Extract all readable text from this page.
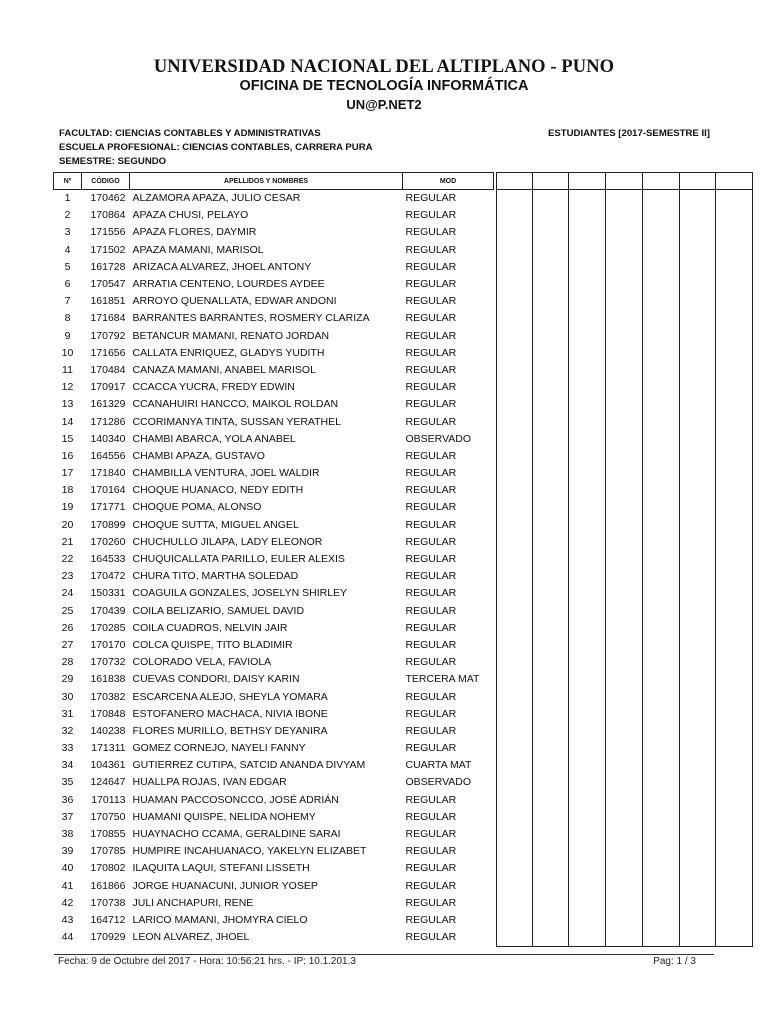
UNIVERSIDAD NACIONAL DEL ALTIPLANO - PUNO
OFICINA DE TECNOLOGÍA INFORMÁTICA
UN@P.NET2
FACULTAD: CIENCIAS CONTABLES Y ADMINISTRATIVAS
ESCUELA PROFESIONAL: CIENCIAS CONTABLES, CARRERA PURA
SEMESTRE: SEGUNDO
ESTUDIANTES [2017-SEMESTRE II]
Nº	CÓDIGO	APELLIDOS Y NOMBRES	MOD								
1	170462	ALZAMORA APAZA, JULIO CESAR	REGULAR								
2	170864	APAZA CHUSI, PELAYO	REGULAR								
3	171556	APAZA FLORES, DAYMIR	REGULAR								
4	171502	APAZA MAMANI, MARISOL	REGULAR								
5	161728	ARIZACA ALVAREZ, JHOEL ANTONY	REGULAR								
6	170547	ARRATIA CENTENO, LOURDES AYDEE	REGULAR								
7	161851	ARROYO QUENALLATA, EDWAR ANDONI	REGULAR								
8	171684	BARRANTES BARRANTES, ROSMERY CLARIZA	REGULAR								
9	170792	BETANCUR MAMANI, RENATO JORDAN	REGULAR								
10	171656	CALLATA ENRIQUEZ, GLADYS YUDITH	REGULAR								
11	170484	CANAZA MAMANI, ANABEL MARISOL	REGULAR								
12	170917	CCACCA YUCRA, FREDY EDWIN	REGULAR								
13	161329	CCANAHUIRI HANCCO, MAIKOL ROLDAN	REGULAR								
14	171286	CCORIMANYA TINTA, SUSSAN YERATHEL	REGULAR								
15	140340	CHAMBI ABARCA, YOLA ANABEL	OBSERVADO								
16	164556	CHAMBI APAZA, GUSTAVO	REGULAR								
17	171840	CHAMBILLA VENTURA, JOEL WALDIR	REGULAR								
18	170164	CHOQUE HUANACO, NEDY EDITH	REGULAR								
19	171771	CHOQUE POMA, ALONSO	REGULAR								
20	170899	CHOQUE SUTTA, MIGUEL ANGEL	REGULAR								
21	170260	CHUCHULLO JILAPA, LADY ELEONOR	REGULAR								
22	164533	CHUQUICALLATA PARILLO, EULER ALEXIS	REGULAR								
23	170472	CHURA TITO, MARTHA SOLEDAD	REGULAR								
24	150331	COAGUILA GONZALES, JOSELYN SHIRLEY	REGULAR								
25	170439	COILA BELIZARIO, SAMUEL DAVID	REGULAR								
26	170285	COILA CUADROS, NELVIN JAIR	REGULAR								
27	170170	COLCA QUISPE, TITO BLADIMIR	REGULAR								
28	170732	COLORADO VELA, FAVIOLA	REGULAR								
29	161838	CUEVAS CONDORI, DAISY KARIN	TERCERA MAT								
30	170382	ESCARCENA ALEJO, SHEYLA YOMARA	REGULAR								
31	170848	ESTOFANERO MACHACA, NIVIA IBONE	REGULAR								
32	140238	FLORES MURILLO, BETHSY DEYANIRA	REGULAR								
33	171311	GOMEZ CORNEJO, NAYELI FANNY	REGULAR								
34	104361	GUTIERREZ CUTIPA, SATCID ANANDA DIVYAM	CUARTA MAT								
35	124647	HUALLPA ROJAS, IVAN EDGAR	OBSERVADO								
36	170113	HUAMAN PACCOSONCCO, JOSÉ ADRIÁN	REGULAR								
37	170750	HUAMANI QUISPE, NELIDA NOHEMY	REGULAR								
38	170855	HUAYNACHO CCAMA, GERALDINE SARAI	REGULAR								
39	170785	HUMPIRE INCAHUANACO, YAKELYN ELIZABET	REGULAR								
40	170802	ILAQUITA LAQUI, STEFANI LISSETH	REGULAR								
41	161866	JORGE HUANACUNI, JUNIOR YOSEP	REGULAR								
42	170738	JULI ANCHAPURI, RENE	REGULAR								
43	164712	LARICO MAMANI, JHOMYRA CIELO	REGULAR								
44	170929	LEON ALVAREZ, JHOEL	REGULAR								
Fecha: 9 de Octubre del 2017 - Hora: 10:56:21 hrs. - IP: 10.1.201.3	Pag: 1 / 3
